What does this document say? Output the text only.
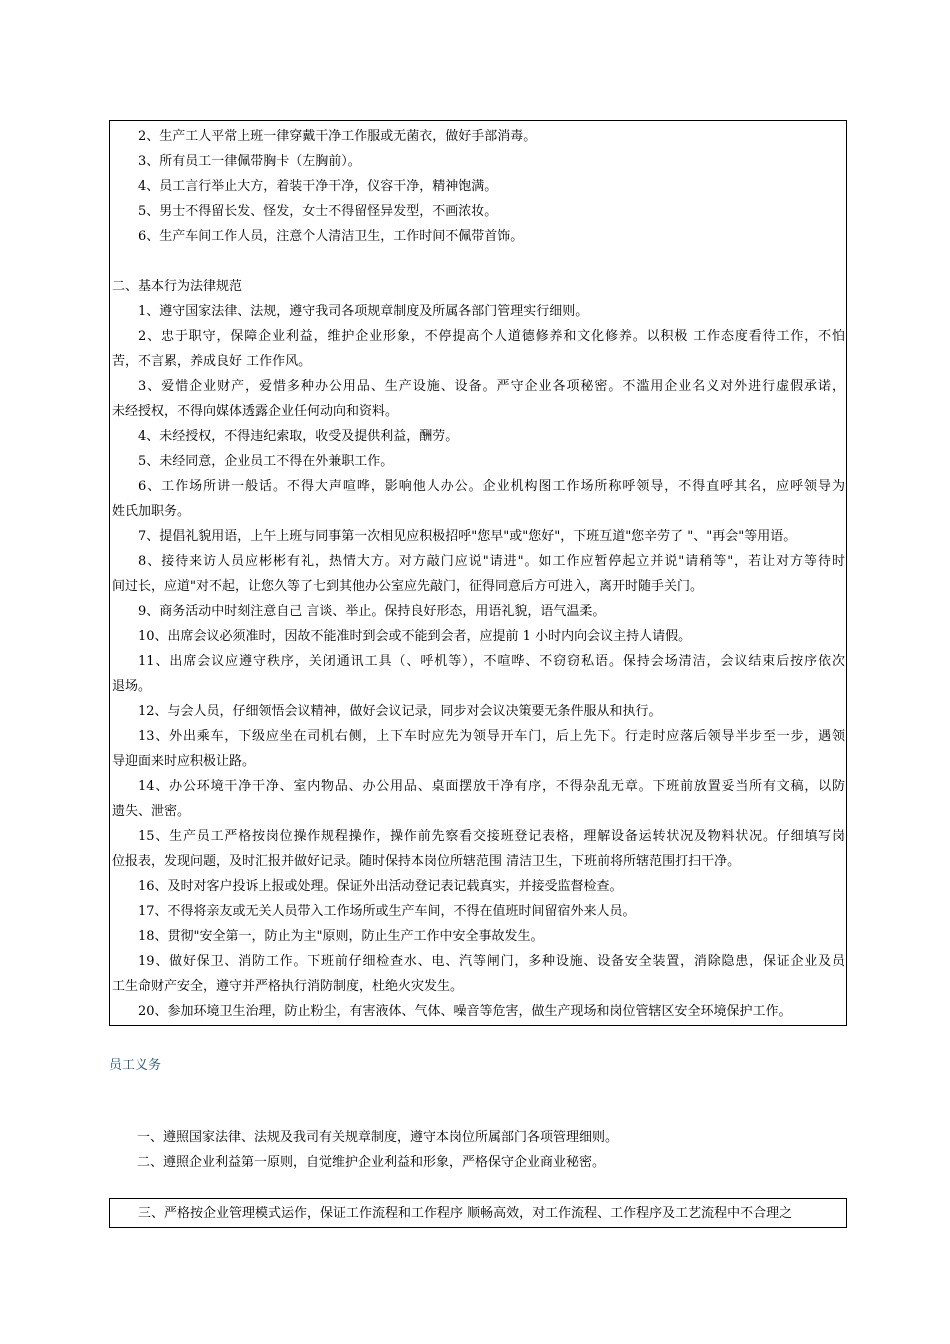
2、生产工人平常上班一律穿戴干净工作服或无菌衣，做好手部消毒。
3、所有员工一律佩带胸卡（左胸前）。
4、员工言行举止大方，着装干净干净，仪容干净，精神饱满。
5、男士不得留长发、怪发，女士不得留怪异发型，不画浓妆。
6、生产车间工作人员，注意个人清洁卫生，工作时间不佩带首饰。
二、基本行为法律规范
1、遵守国家法律、法规，遵守我司各项规章制度及所属各部门管理实行细则。
2、忠于职守，保障企业利益，维护企业形象，不停提高个人道德修养和文化修养。以积极 工作态度看待工作，不怕
苦，不言累，养成良好 工作作风。
3、爱惜企业财产，爱惜多种办公用品、生产设施、设备。严守企业各项秘密。不滥用企业名义对外进行虚假承诺，
未经授权，不得向媒体透露企业任何动向和资料。
4、未经授权，不得违纪索取，收受及提供利益，酬劳。
5、未经同意，企业员工不得在外兼职工作。
6、工作场所讲一般话。不得大声喧哗，影响他人办公。企业机构图工作场所称呼领导，不得直呼其名，应呼领导为
姓氏加职务。
7、提倡礼貌用语，上午上班与同事第一次相见应积极招呼"您早"或"您好"，下班互道"您辛劳了 "、"再会"等用语。
8、接待来访人员应彬彬有礼，热情大方。对方敲门应说"请进"。如工作应暂停起立并说"请稍等"，若让对方等待时
间过长，应道"对不起，让您久等了七到其他办公室应先敲门，征得同意后方可进入，离开时随手关门。
9、商务活动中时刻注意自己 言谈、举止。保持良好形态，用语礼貌，语气温柔。
10、出席会议必须准时，因故不能准时到会或不能到会者，应提前 1 小时内向会议主持人请假。
11、出席会议应遵守秩序，关闭通讯工具（、呼机等），不喧哗、不窃窃私语。保持会场清洁，会议结束后按序依次
退场。
12、与会人员，仔细领悟会议精神，做好会议记录，同步对会议决策要无条件服从和执行。
13、外出乘车，下级应坐在司机右侧，上下车时应先为领导开车门，后上先下。行走时应落后领导半步至一步，遇领
导迎面来时应积极让路。
14、办公环境干净干净、室内物品、办公用品、桌面摆放干净有序，不得杂乱无章。下班前放置妥当所有文稿，以防
遗失、泄密。
15、生产员工严格按岗位操作规程操作，操作前先察看交接班登记表格，理解设备运转状况及物料状况。仔细填写岗
位报表，发现问题，及时汇报并做好记录。随时保持本岗位所辖范围 清洁卫生，下班前将所辖范围打扫干净。
16、及时对客户投诉上报或处理。保证外出活动登记表记载真实，并接受监督检查。
17、不得将亲友或无关人员带入工作场所或生产车间，不得在值班时间留宿外来人员。
18、贯彻"安全第一，防止为主"原则，防止生产工作中安全事故发生。
19、做好保卫、消防工作。下班前仔细检查水、电、汽等闸门，多种设施、设备安全装置，消除隐患，保证企业及员
工生命财产安全，遵守并严格执行消防制度，杜绝火灾发生。
20、参加环境卫生治理，防止粉尘，有害液体、气体、噪音等危害，做生产现场和岗位管辖区安全环境保护工作。
员工义务
一、遵照国家法律、法规及我司有关规章制度，遵守本岗位所属部门各项管理细则。
二、遵照企业利益第一原则，自觉维护企业利益和形象，严格保守企业商业秘密。
三、严格按企业管理模式运作，保证工作流程和工作程序 顺畅高效，对工作流程、工作程序及工艺流程中不合理之
